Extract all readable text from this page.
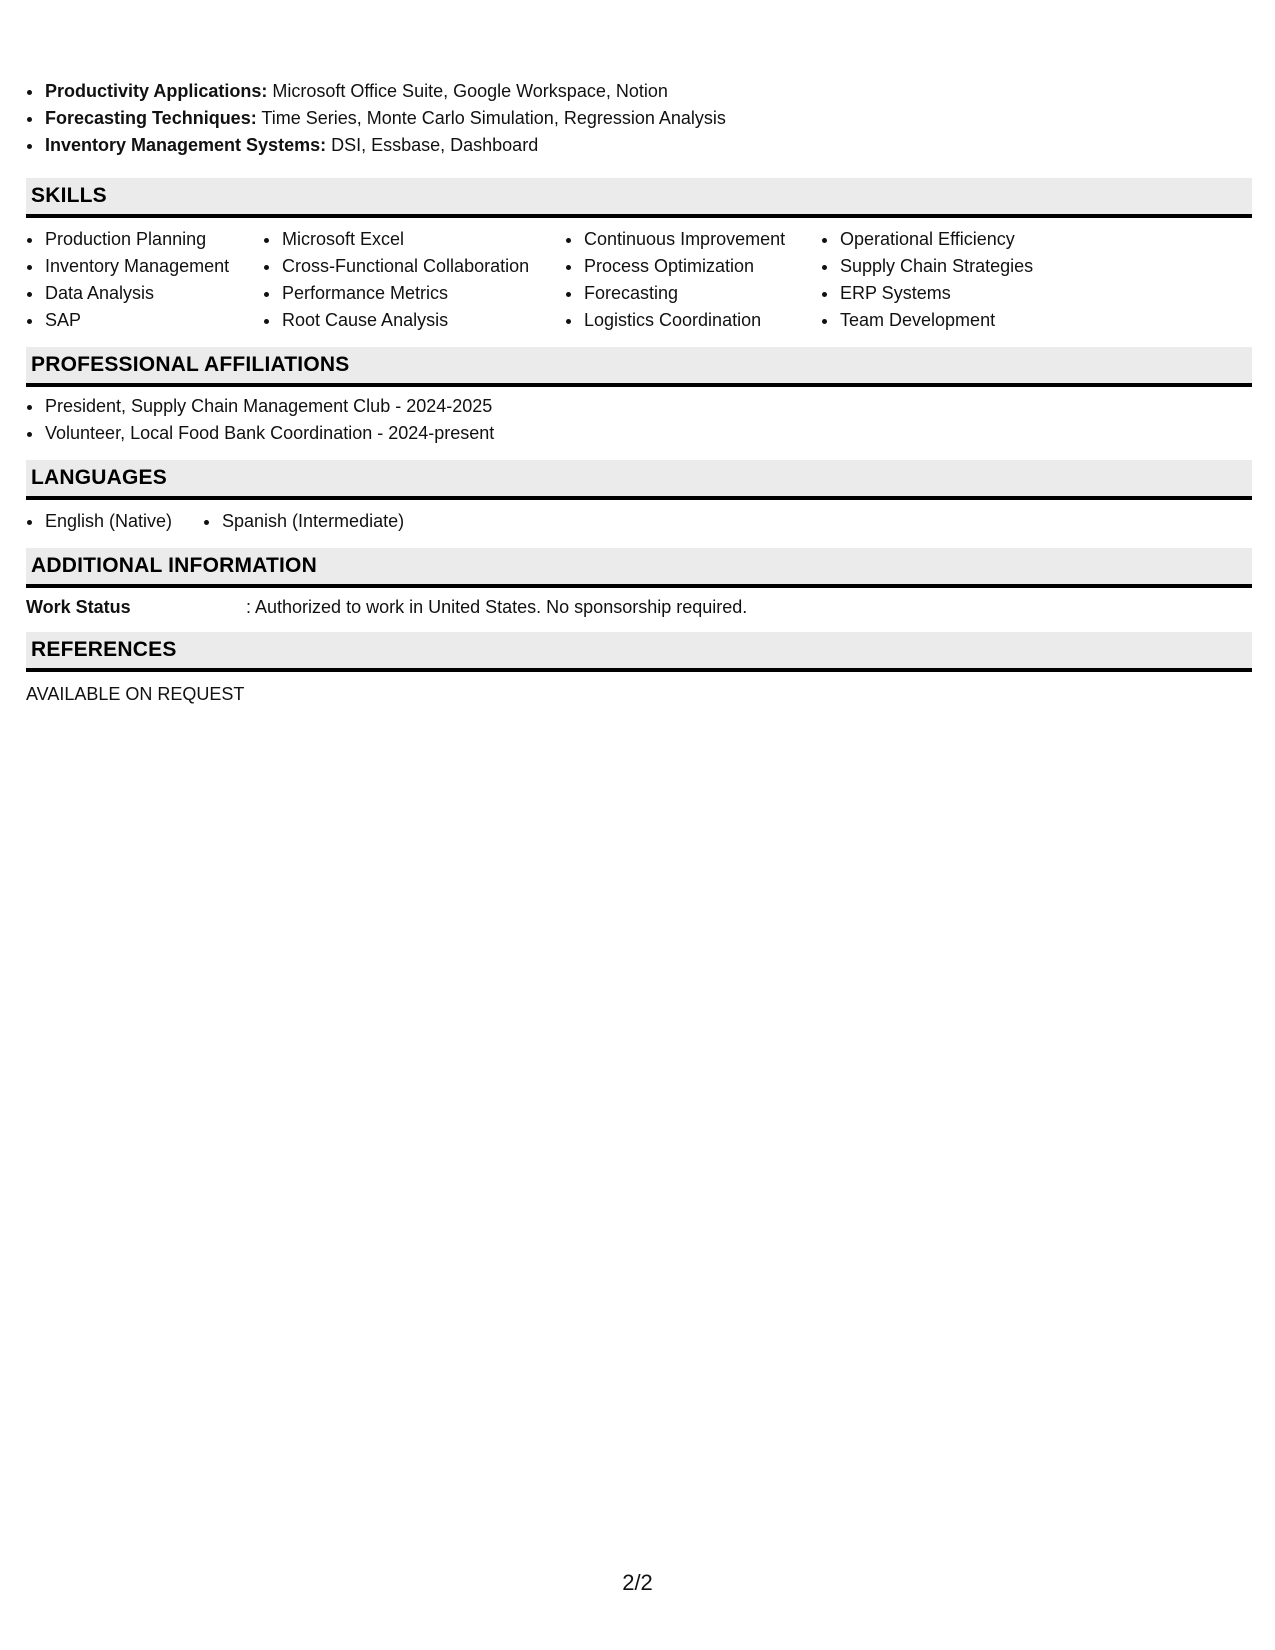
• Productivity Applications: Microsoft Office Suite, Google Workspace, Notion
• Forecasting Techniques: Time Series, Monte Carlo Simulation, Regression Analysis
• Inventory Management Systems: DSI, Essbase, Dashboard
SKILLS
• Production Planning
• Inventory Management
• Data Analysis
• SAP
• Microsoft Excel
• Cross-Functional Collaboration
• Performance Metrics
• Root Cause Analysis
• Continuous Improvement
• Process Optimization
• Forecasting
• Logistics Coordination
• Operational Efficiency
• Supply Chain Strategies
• ERP Systems
• Team Development
PROFESSIONAL AFFILIATIONS
• President, Supply Chain Management Club - 2024-2025
• Volunteer, Local Food Bank Coordination - 2024-present
LANGUAGES
• English (Native)
•	Spanish (Intermediate)
ADDITIONAL INFORMATION
Work Status	: Authorized to work in United States. No sponsorship required.
REFERENCES
AVAILABLE ON REQUEST
2/2
